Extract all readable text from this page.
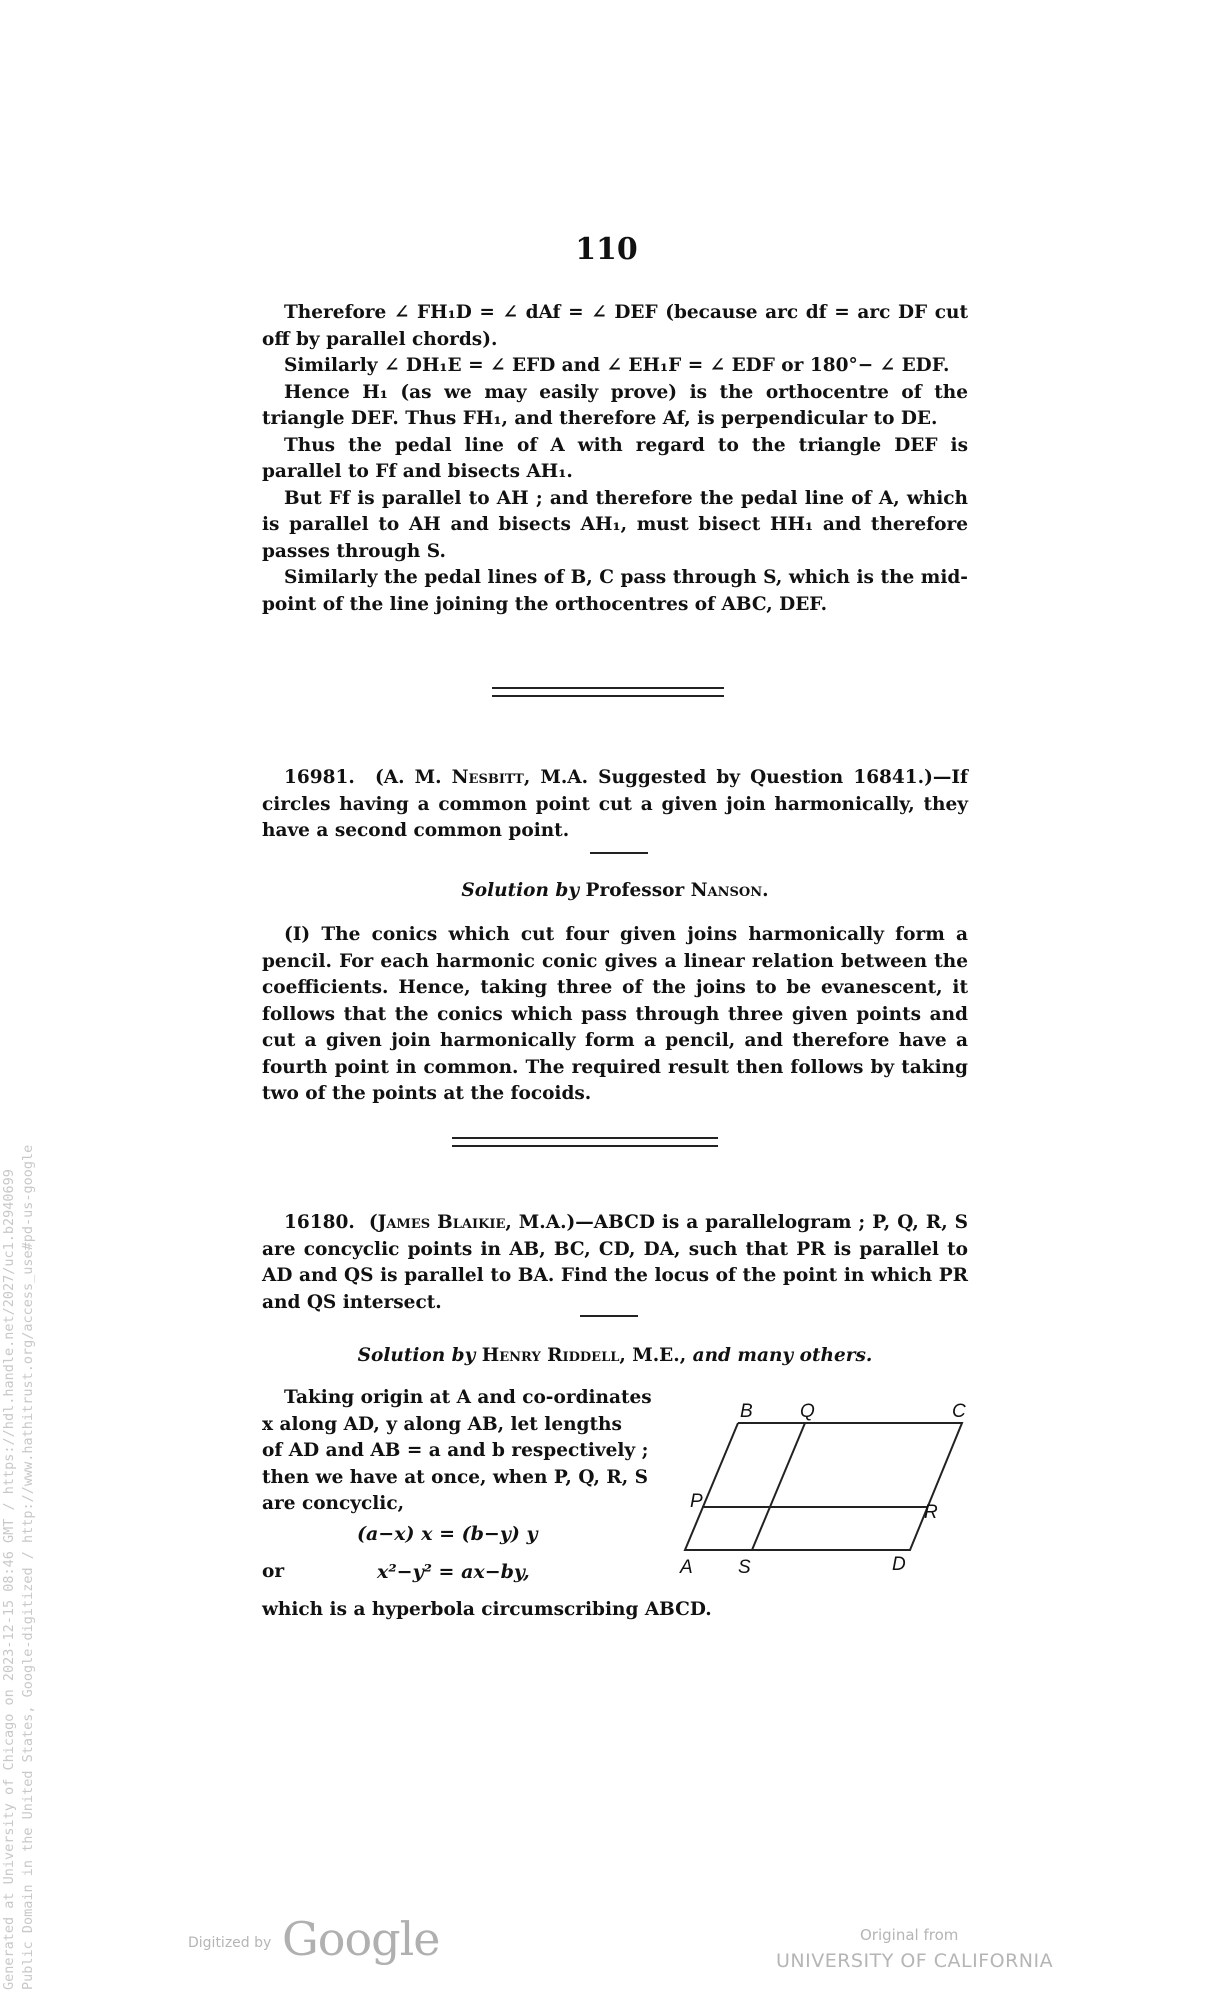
110

Therefore ∠ FH₁D = ∠ dAf = ∠ DEF (because arc df = arc DF cut off by parallel chords).

Similarly ∠ DH₁E = ∠ EFD and ∠ EH₁F = ∠ EDF or 180°− ∠ EDF.

Hence H₁ (as we may easily prove) is the orthocentre of the triangle DEF. Thus FH₁, and therefore Af, is perpendicular to DE.

Thus the pedal line of A with regard to the triangle DEF is parallel to Ff and bisects AH₁.

But Ff is parallel to AH ; and therefore the pedal line of A, which is parallel to AH and bisects AH₁, must bisect HH₁ and therefore passes through S.

Similarly the pedal lines of B, C pass through S, which is the mid-point of the line joining the orthocentres of ABC, DEF.

16981. (A. M. Nesbitt, M.A. Suggested by Question 16841.)—If circles having a common point cut a given join harmonically, they have a second common point.

Solution by Professor Nanson.

(I) The conics which cut four given joins harmonically form a pencil. For each harmonic conic gives a linear relation between the coefficients. Hence, taking three of the joins to be evanescent, it follows that the conics which pass through three given points and cut a given join harmonically form a pencil, and therefore have a fourth point in common. The required result then follows by taking two of the points at the focoids.

16180. (James Blaikie, M.A.)—ABCD is a parallelogram ; P, Q, R, S are concyclic points in AB, BC, CD, DA, such that PR is parallel to AD and QS is parallel to BA. Find the locus of the point in which PR and QS intersect.

Solution by Henry Riddell, M.E., and many others.

Taking origin at A and co-ordinates

x along AD, y along AB, let lengths

of AD and AB = a and b respectively ;

then we have at once, when P, Q, R, S

are concyclic,

(a−x) x = (b−y) y
or	x²−y² = ax−by,

which is a hyperbola circumscribing ABCD.

B Q	C
P
R
A S	D
Generated at University of Chicago on 2023-12-15 08:46 GMT / https://hdl.handle.net/2027/uc1.b2940699 Public Domain in the United States, Google-digitized / http://www.hathitrust.org/access_use#pd-us-google	Digitized by Google	Original from
UNIVERSITY OF CALIFORNIA
